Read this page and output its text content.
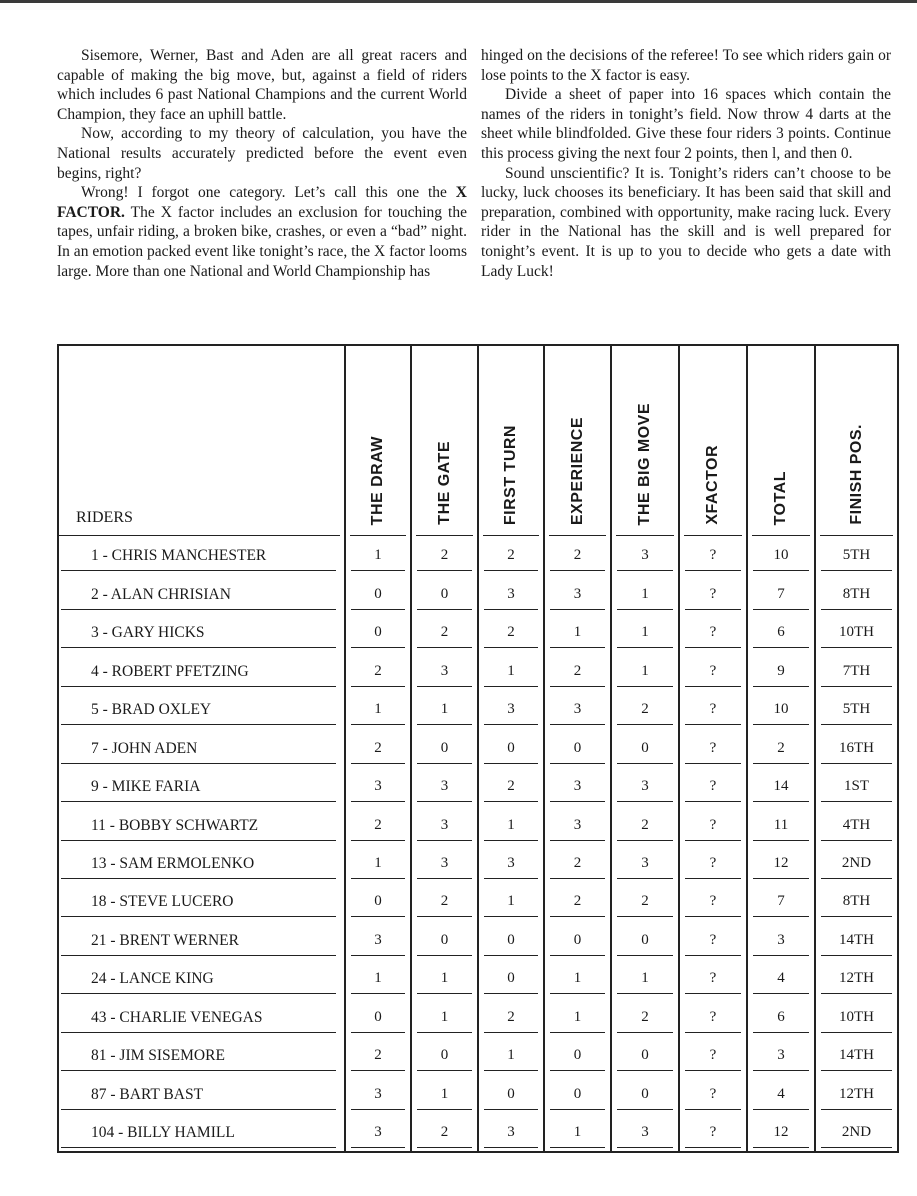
Sisemore, Werner, Bast and Aden are all great racers and capable of making the big move, but, against a field of riders which includes 6 past National Champions and the current World Champion, they face an uphill battle.

Now, according to my theory of calculation, you have the National results accurately predicted before the event even begins, right?

Wrong! I forgot one category. Let’s call this one the X FACTOR. The X factor includes an exclusion for touching the tapes, unfair riding, a broken bike, crashes, or even a “bad” night. In an emotion packed event like tonight’s race, the X factor looms large. More than one National and World Championship has

hinged on the decisions of the referee! To see which riders gain or lose points to the X factor is easy.

Divide a sheet of paper into 16 spaces which contain the names of the riders in tonight’s field. Now throw 4 darts at the sheet while blindfolded. Give these four riders 3 points. Continue this process giving the next four 2 points, then l, and then 0.

Sound unscientific? It is. Tonight’s riders can’t choose to be lucky, luck chooses its beneficiary. It has been said that skill and preparation, combined with opportunity, make racing luck. Every rider in the National has the skill and is well prepared for tonight’s event. It is up to you to decide who gets a date with Lady Luck!

RIDERS	THE DRAW	THE GATE	FIRST TURN	EXPERIENCE	THE BIG MOVE	XFACTOR	TOTAL	FINISH POS.

1 - CHRIS MANCHESTER	1	2	2	2	3	?	10	5TH

2 - ALAN CHRISIAN	0	0	3	3	1	?	7	8TH

3 - GARY HICKS	0	2	2	1	1	?	6	10TH

4 - ROBERT PFETZING	2	3	1	2	1	?	9	7TH

5 - BRAD OXLEY	1	1	3	3	2	?	10	5TH

7 - JOHN ADEN	2	0	0	0	0	?	2	16TH

9 - MIKE FARIA	3	3	2	3	3	?	14	1ST

11 - BOBBY SCHWARTZ	2	3	1	3	2	?	11	4TH

13 - SAM ERMOLENKO	1	3	3	2	3	?	12	2ND

18 - STEVE LUCERO	0	2	1	2	2	?	7	8TH

21 - BRENT WERNER	3	0	0	0	0	?	3	14TH

24 - LANCE KING	1	1	0	1	1	?	4	12TH

43 - CHARLIE VENEGAS	0	1	2	1	2	?	6	10TH

81 - JIM SISEMORE	2	0	1	0	0	?	3	14TH

87 - BART BAST	3	1	0	0	0	?	4	12TH

104 - BILLY HAMILL	3	2	3	1	3	?	12	2ND
